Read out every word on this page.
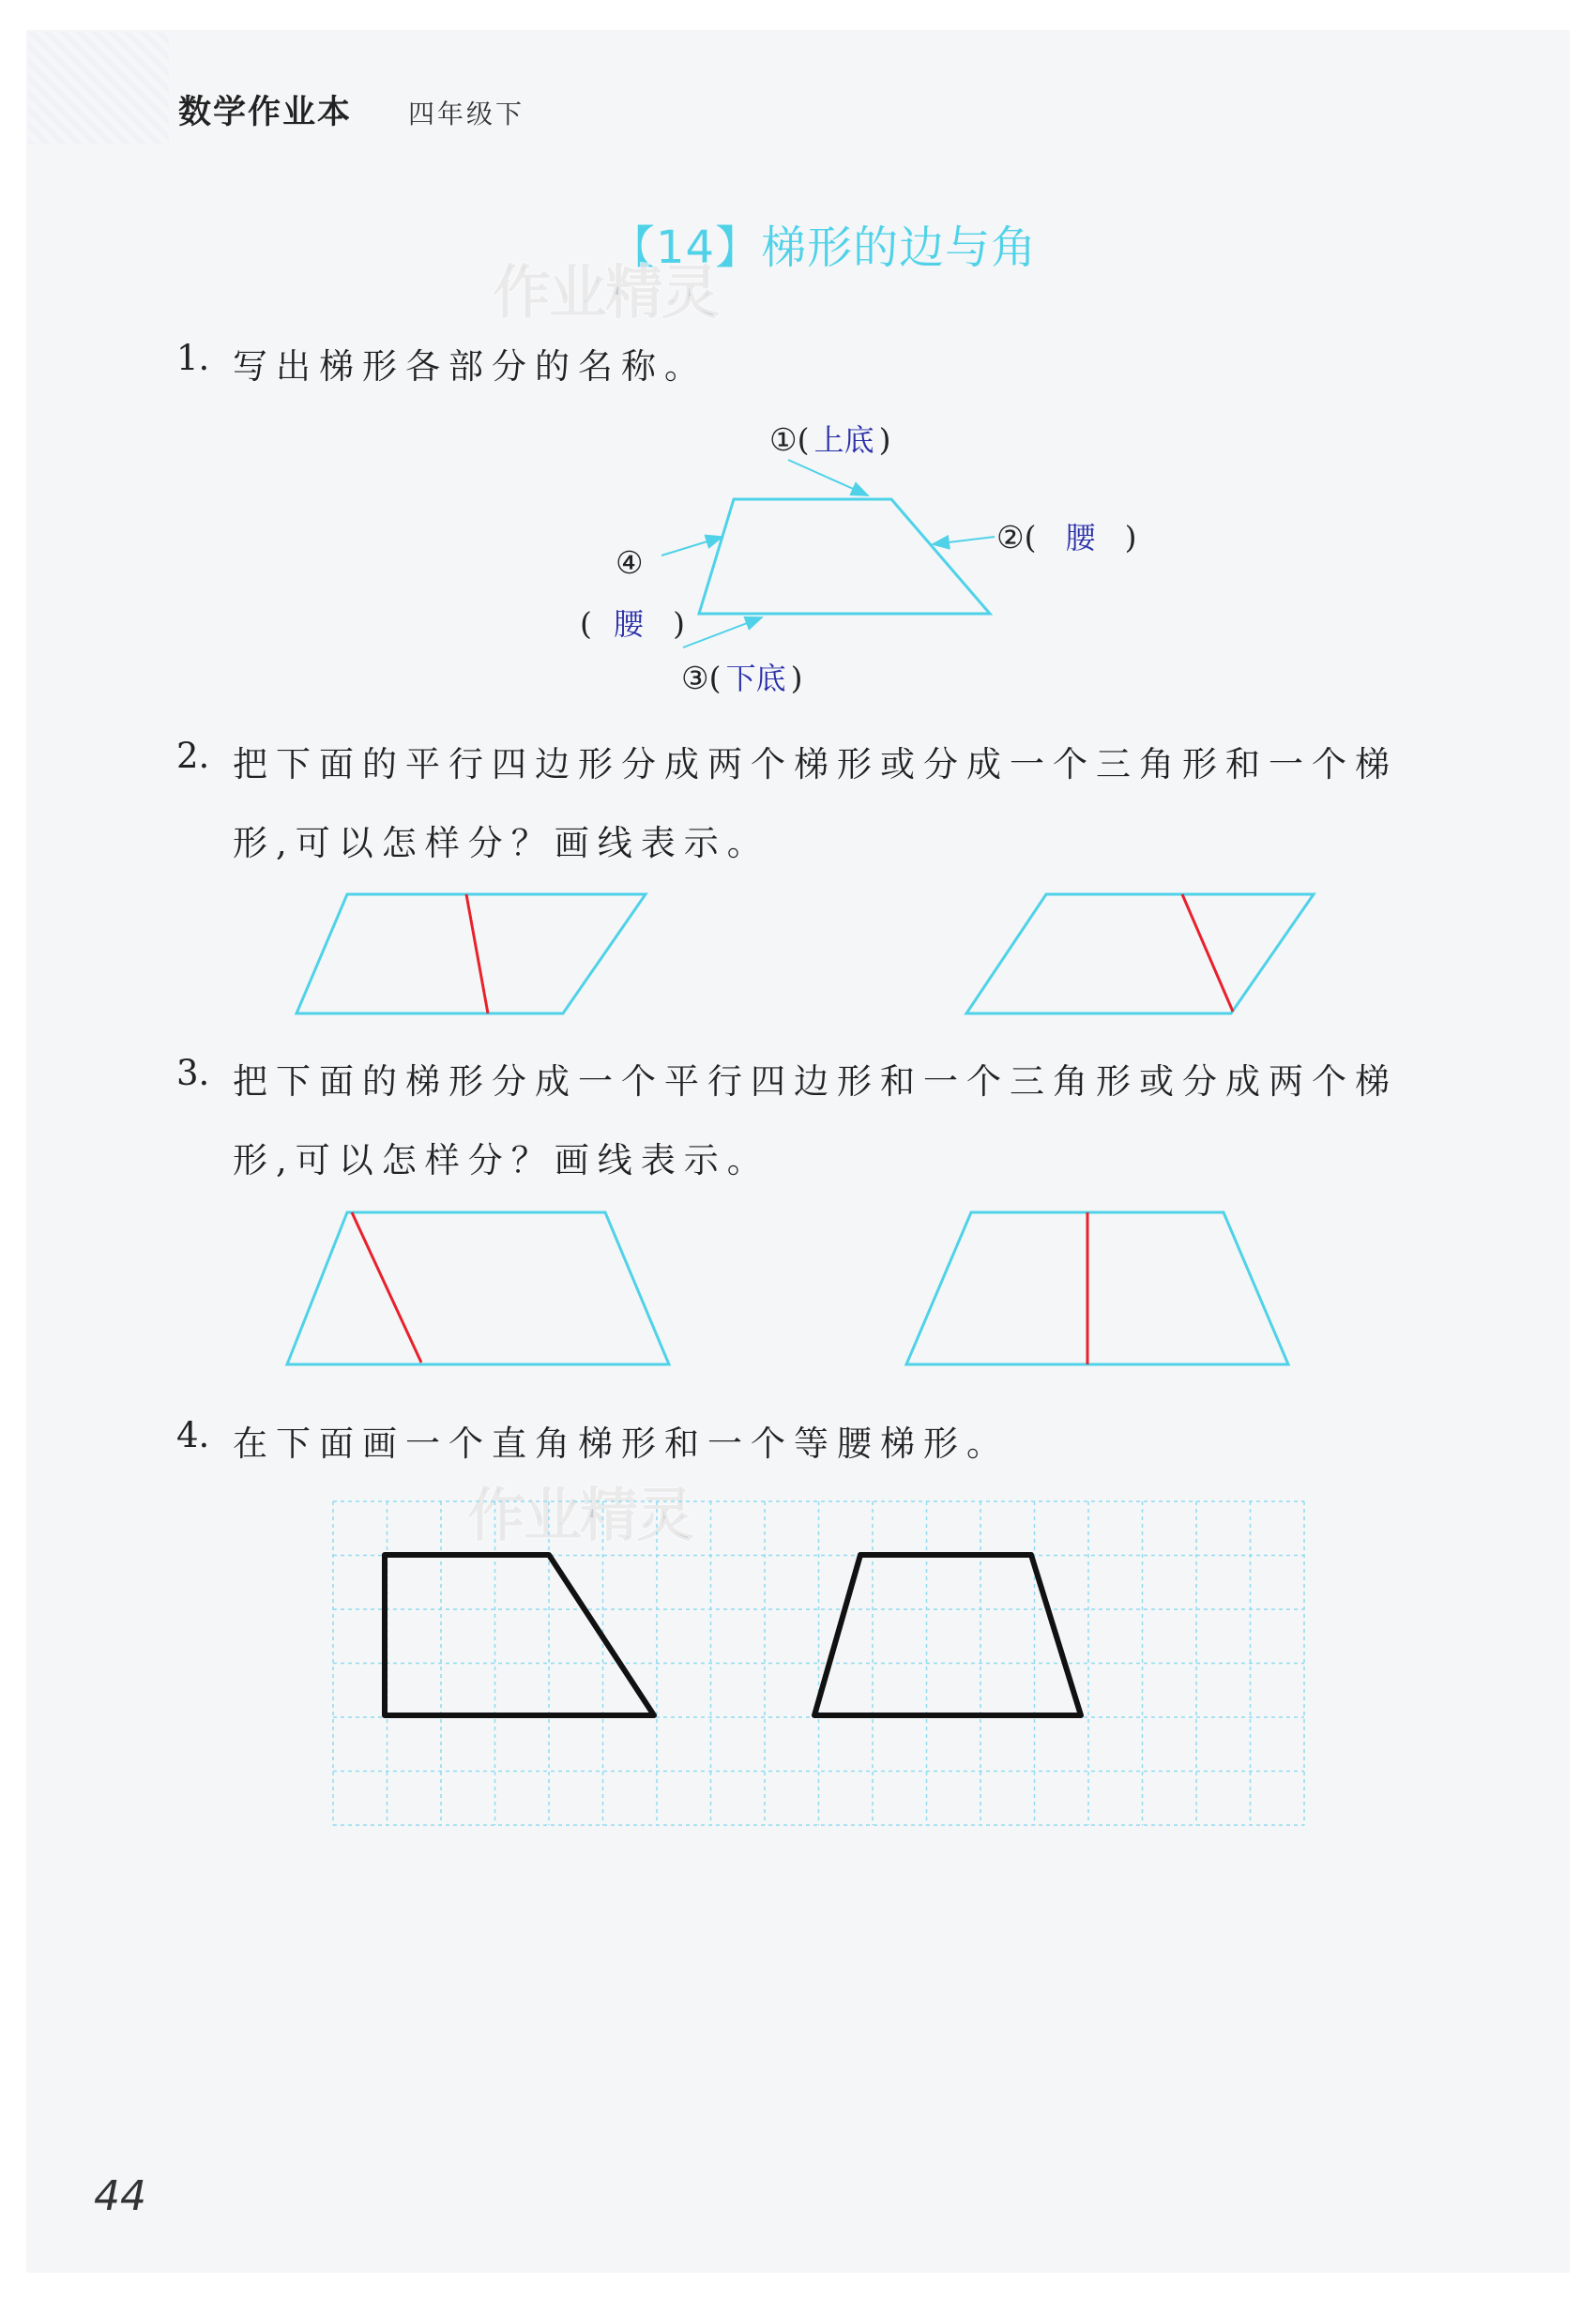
数学作业本 四年级下
【14】梯形的边与角
作业精灵
作业精灵
1. 写出梯形各部分的名称。
①( 上底 )
②( 腰 )
④
( 腰 )
③( 下底 )
2. 把下面的平行四边形分成两个梯形或分成一个三角形和一个梯
形,可以怎样分？画线表示。
3. 把下面的梯形分成一个平行四边形和一个三角形或分成两个梯
形,可以怎样分？画线表示。
4. 在下面画一个直角梯形和一个等腰梯形。
44
